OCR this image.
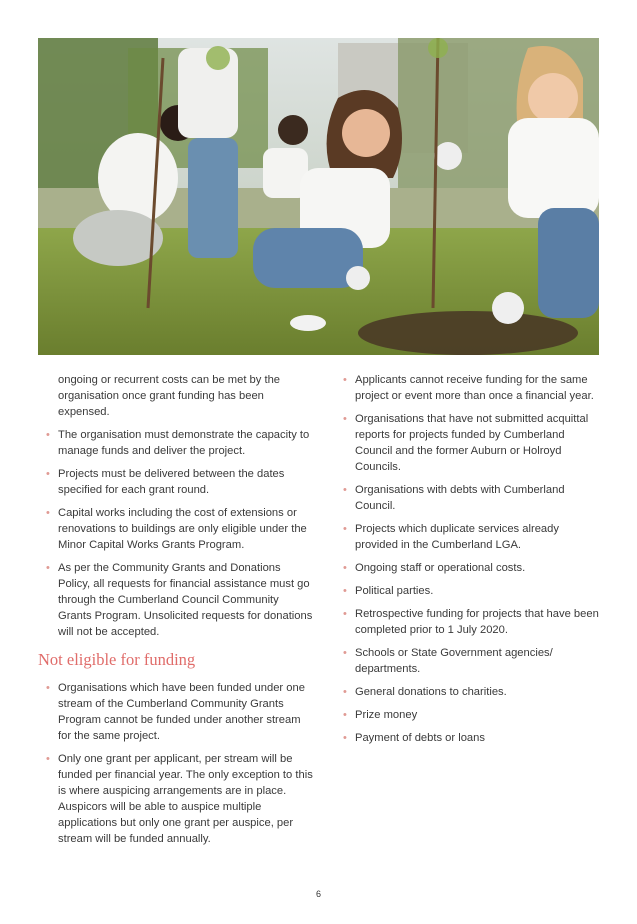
ongoing or recurrent costs can be met by the organisation once grant funding has been expensed.
• The organisation must demonstrate the capacity to manage funds and deliver the project.
• Projects must be delivered between the dates specified for each grant round.
• Capital works including the cost of extensions or renovations to buildings are only eligible under the Minor Capital Works Grants Program.
• As per the Community Grants and Donations Policy, all requests for financial assistance must go through the Cumberland Council Community Grants Program. Unsolicited requests for donations will not be accepted.
Not eligible for funding
• Organisations which have been funded under one stream of the Cumberland Community Grants Program cannot be funded under another stream for the same project.
• Only one grant per applicant, per stream will be funded per financial year. The only exception to this is where auspicing arrangements are in place. Auspicors will be able to auspice multiple applications but only one grant per auspice, per stream will be funded annually.
• Applicants cannot receive funding for the same project or event more than once a financial year.
• Organisations that have not submitted acquittal reports for projects funded by Cumberland Council and the former Auburn or Holroyd Councils.
• Organisations with debts with Cumberland Council.
• Projects which duplicate services already provided in the Cumberland LGA.
• Ongoing staff or operational costs.
• Political parties.
• Retrospective funding for projects that have been completed prior to 1 July 2020.
• Schools or State Government agencies/ departments.
• General donations to charities.
• Prize money
• Payment of debts or loans
6
